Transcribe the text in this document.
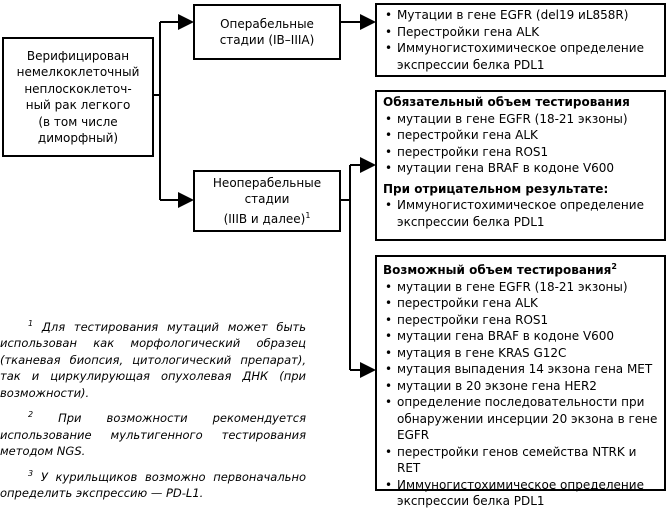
Верифицирован
немелкоклеточный
неплоскоклеточ-
ный рак легкого
(в том числе
диморфный)
Операбельные
стадии (IB–IIIA)
Неоперабельные
стадии
(IIIB и далее)$^1$
• Мутации в гене EGFR (del19 иL858R)
• Перестройки гена ALK
• Иммуногистохимическое определение экспрессии белка PDL1
Обязательный объем тестирования
• мутации в гене EGFR (18-21 экзоны)
• перестройки гена ALK
• перестройки гена ROS1
• мутации гена BRAF в кодоне V600
При отрицательном результате:
• Иммуногистохимическое определение экспрессии белка PDL1
Возможный объем тестирования$^2$
• мутации в гене EGFR (18-21 экзоны)
• перестройки гена ALK
• перестройки гена ROS1
• мутации гена BRAF в кодоне V600
• мутация в гене KRAS G12C
• мутация выпадения 14 экзона гена MET
• мутации в 20 экзоне гена HER2
• определение последовательности при обнаружении инсерции 20 экзона в гене EGFR
• перестройки генов семейства NTRK и RET
• Иммуногистохимическое определение экспрессии белка PDL1

$^1$ Для тестирования мутаций может быть использован как морфологический образец (тканевая биопсия, цитологический препарат), так и циркулирующая опухолевая ДНК (при возможности).

$^2$ При возможности рекомендуется использование мультигенного тестирования методом NGS.

$^3$ У курильщиков возможно первоначально определить экспрессию — PD-L1.
